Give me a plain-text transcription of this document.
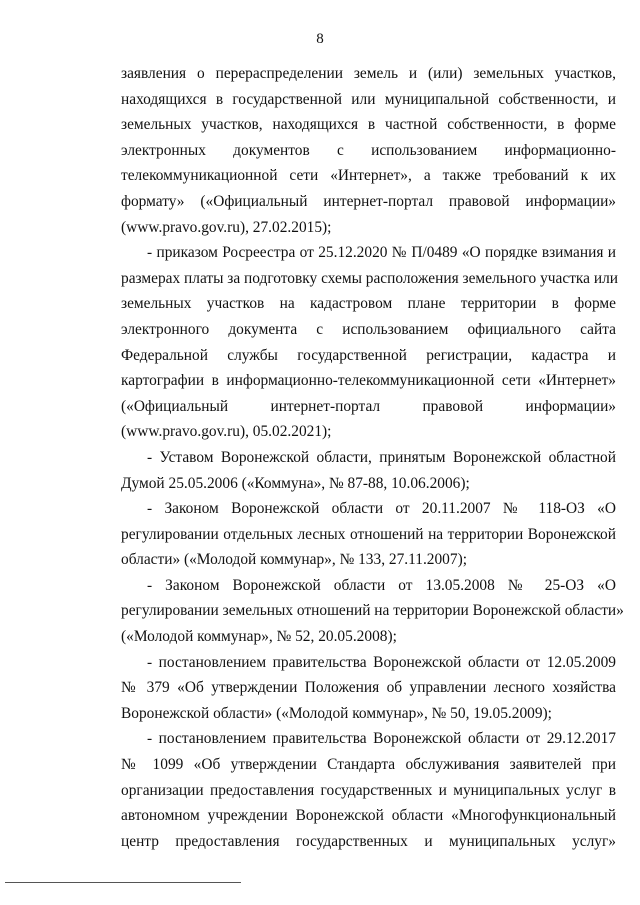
8
заявления о перераспределении земель и (или) земельных участков,
находящихся в государственной или муниципальной собственности, и
земельных участков, находящихся в частной собственности, в форме
электронных документов с использованием информационно-
телекоммуникационной сети «Интернет», а также требований к их
формату» («Официальный интернет-портал правовой информации»
(www.pravo.gov.ru), 27.02.2015);
- приказом Росреестра от 25.12.2020 № П/0489 «О порядке взимания и
размерах платы за подготовку схемы расположения земельного участка или
земельных участков на кадастровом плане территории в форме
электронного документа с использованием официального сайта
Федеральной службы государственной регистрации, кадастра и
картографии в информационно-телекоммуникационной сети «Интернет»
(«Официальный интернет-портал правовой информации»
(www.pravo.gov.ru), 05.02.2021);
- Уставом Воронежской области, принятым Воронежской областной
Думой 25.05.2006 («Коммуна», № 87-88, 10.06.2006);
- Законом Воронежской области от 20.11.2007 № 118-ОЗ «О
регулировании отдельных лесных отношений на территории Воронежской
области» («Молодой коммунар», № 133, 27.11.2007);
- Законом Воронежской области от 13.05.2008 № 25-ОЗ «О
регулировании земельных отношений на территории Воронежской области»
(«Молодой коммунар», № 52, 20.05.2008);
- постановлением правительства Воронежской области от 12.05.2009
№ 379 «Об утверждении Положения об управлении лесного хозяйства
Воронежской области» («Молодой коммунар», № 50, 19.05.2009);
- постановлением правительства Воронежской области от 29.12.2017
№ 1099 «Об утверждении Стандарта обслуживания заявителей при
организации предоставления государственных и муниципальных услуг в
автономном учреждении Воронежской области «Многофункциональный
центр предоставления государственных и муниципальных услуг»
